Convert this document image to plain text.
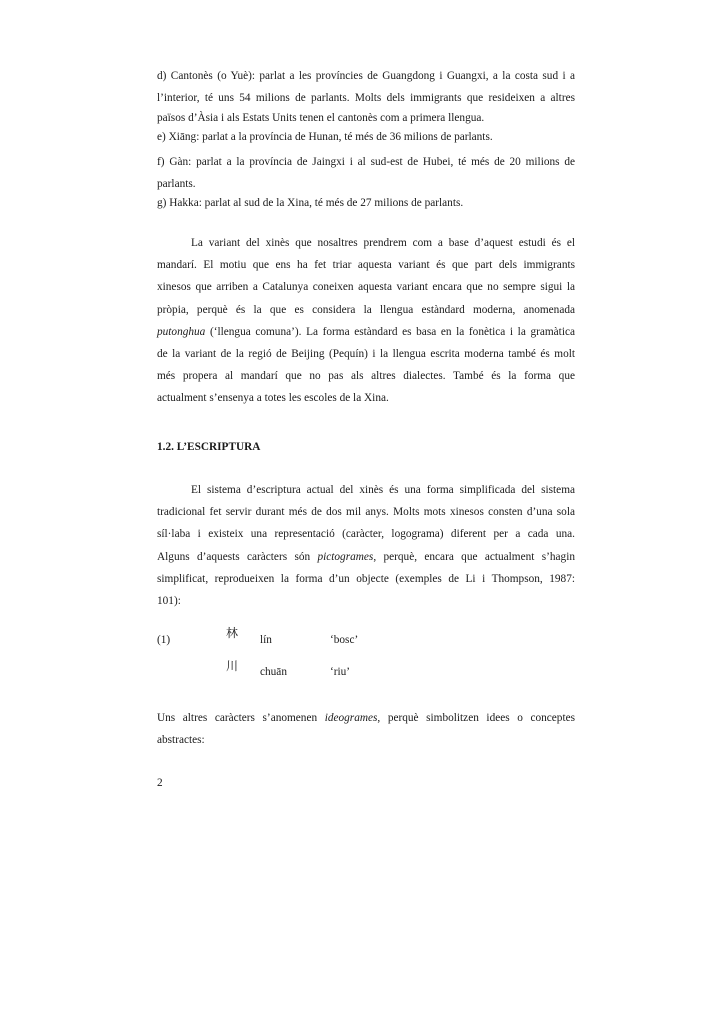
d) Cantonès (o Yuè): parlat a les províncies de Guangdong i Guangxi, a la costa sud i a
l’interior, té uns 54 milions de parlants. Molts dels immigrants que resideixen a altres
països d’Àsia i als Estats Units tenen el cantonès com a primera llengua.
e) Xiāng: parlat a la província de Hunan, té més de 36 milions de parlants.
f) Gàn: parlat a la província de Jaingxi i al sud-est de Hubei, té més de 20 milions de
parlants.
g) Hakka: parlat al sud de la Xina, té més de 27 milions de parlants.
La variant del xinès que nosaltres prendrem com a base d’aquest estudi és el
mandarí. El motiu que ens ha fet triar aquesta variant és que part dels immigrants
xinesos que arriben a Catalunya coneixen aquesta variant encara que no sempre sigui la
pròpia, perquè és la que es considera la llengua estàndard moderna, anomenada
putonghua (‘llengua comuna’). La forma estàndard es basa en la fonètica i la gramàtica
de la variant de la regió de Beijing (Pequín) i la llengua escrita moderna també és molt
més propera al mandarí que no pas als altres dialectes. També és la forma que
actualment s’ensenya a totes les escoles de la Xina.
1.2. L’ESCRIPTURA
El sistema d’escriptura actual del xinès és una forma simplificada del sistema
tradicional fet servir durant més de dos mil anys. Molts mots xinesos consten d’una sola
síl·laba i existeix una representació (caràcter, logograma) diferent per a cada una.
Alguns d’aquests caràcters són pictogrames, perquè, encara que actualment s’hagin
simplificat, reprodueixen la forma d’un objecte (exemples de Li i Thompson, 1987:
101):
(1)	林 lín	‘bosc’
川 chuān	‘riu’
Uns altres caràcters s’anomenen ideogrames, perquè simbolitzen idees o conceptes
abstractes:
2
